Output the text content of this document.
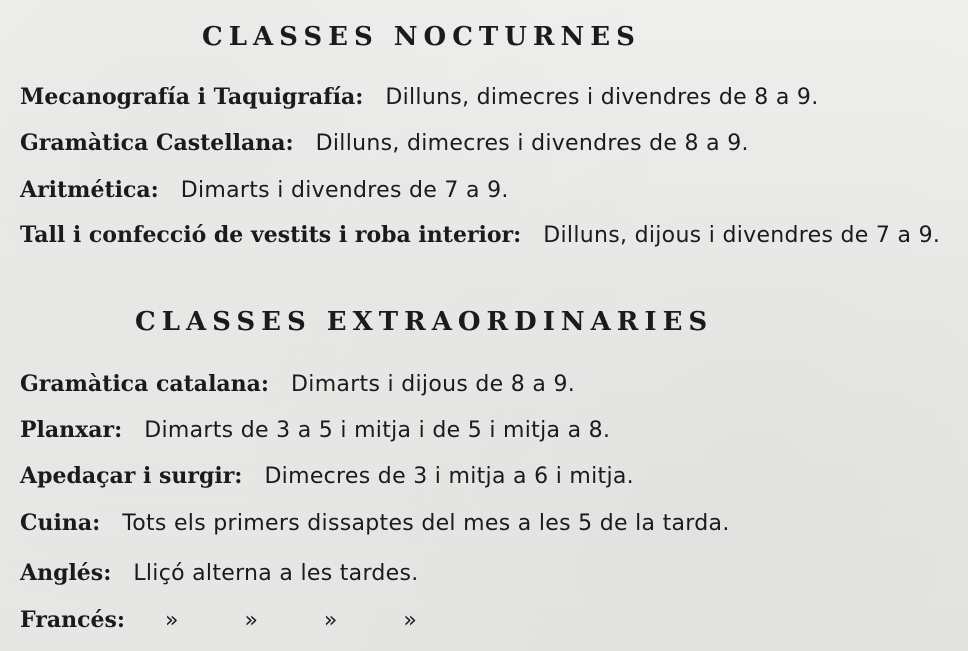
CLASSES NOCTURNES
Mecanografía i Taquigrafía: Dilluns, dimecres i divendres de 8 a 9.
Gramàtica Castellana: Dilluns, dimecres i divendres de 8 a 9.
Aritmética: Dimarts i divendres de 7 a 9.
Tall i confecció de vestits i roba interior: Dilluns, dijous i divendres de 7 a 9.
CLASSES EXTRAORDINARIES
Gramàtica catalana: Dimarts i dijous de 8 a 9.
Planxar: Dimarts de 3 a 5 i mitja i de 5 i mitja a 8.
Apedaçar i surgir: Dimecres de 3 i mitja a 6 i mitja.
Cuina: Tots els primers dissaptes del mes a les 5 de la tarda.
Anglés: Lliçó alterna a les tardes.
Francés: »	»	»	»
